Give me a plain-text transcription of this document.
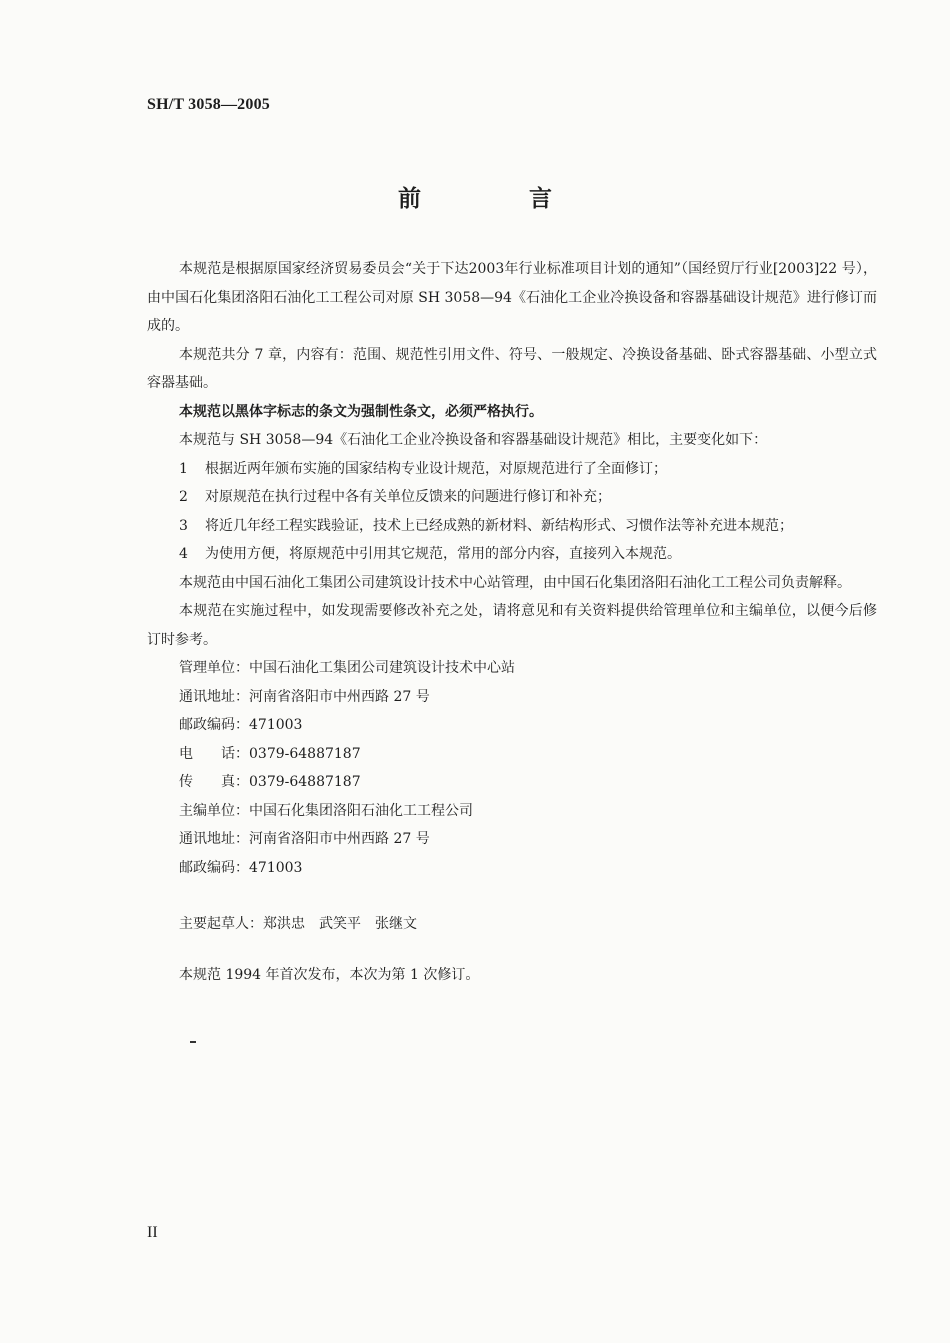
SH/T 3058—2005

前 言

本规范是根据原国家经济贸易委员会“关于下达2003年行业标准项目计划的通知”（国经贸厅行业[2003]22 号），由中国石化集团洛阳石油化工工程公司对原 SH 3058—94《石油化工企业冷换设备和容器基础设计规范》进行修订而成的。

本规范共分 7 章，内容有：范围、规范性引用文件、符号、一般规定、冷换设备基础、卧式容器基础、小型立式容器基础。

本规范以黑体字标志的条文为强制性条文，必须严格执行。

本规范与 SH 3058—94《石油化工企业冷换设备和容器基础设计规范》相比，主要变化如下：

1 根据近两年颁布实施的国家结构专业设计规范，对原规范进行了全面修订；
2 对原规范在执行过程中各有关单位反馈来的问题进行修订和补充；
3 将近几年经工程实践验证，技术上已经成熟的新材料、新结构形式、习惯作法等补充进本规范；
4 为使用方便，将原规范中引用其它规范，常用的部分内容，直接列入本规范。

本规范由中国石油化工集团公司建筑设计技术中心站管理，由中国石化集团洛阳石油化工工程公司负责解释。

本规范在实施过程中，如发现需要修改补充之处，请将意见和有关资料提供给管理单位和主编单位，以便今后修订时参考。

管理单位：中国石油化工集团公司建筑设计技术中心站
通讯地址：河南省洛阳市中州西路 27 号
邮政编码：471003
电　　话：0379-64887187
传　　真：0379-64887187
主编单位：中国石化集团洛阳石油化工工程公司
通讯地址：河南省洛阳市中州西路 27 号
邮政编码：471003
主要起草人：郑洪忠　武笑平　张继文
本规范 1994 年首次发布，本次为第 1 次修订。

II
